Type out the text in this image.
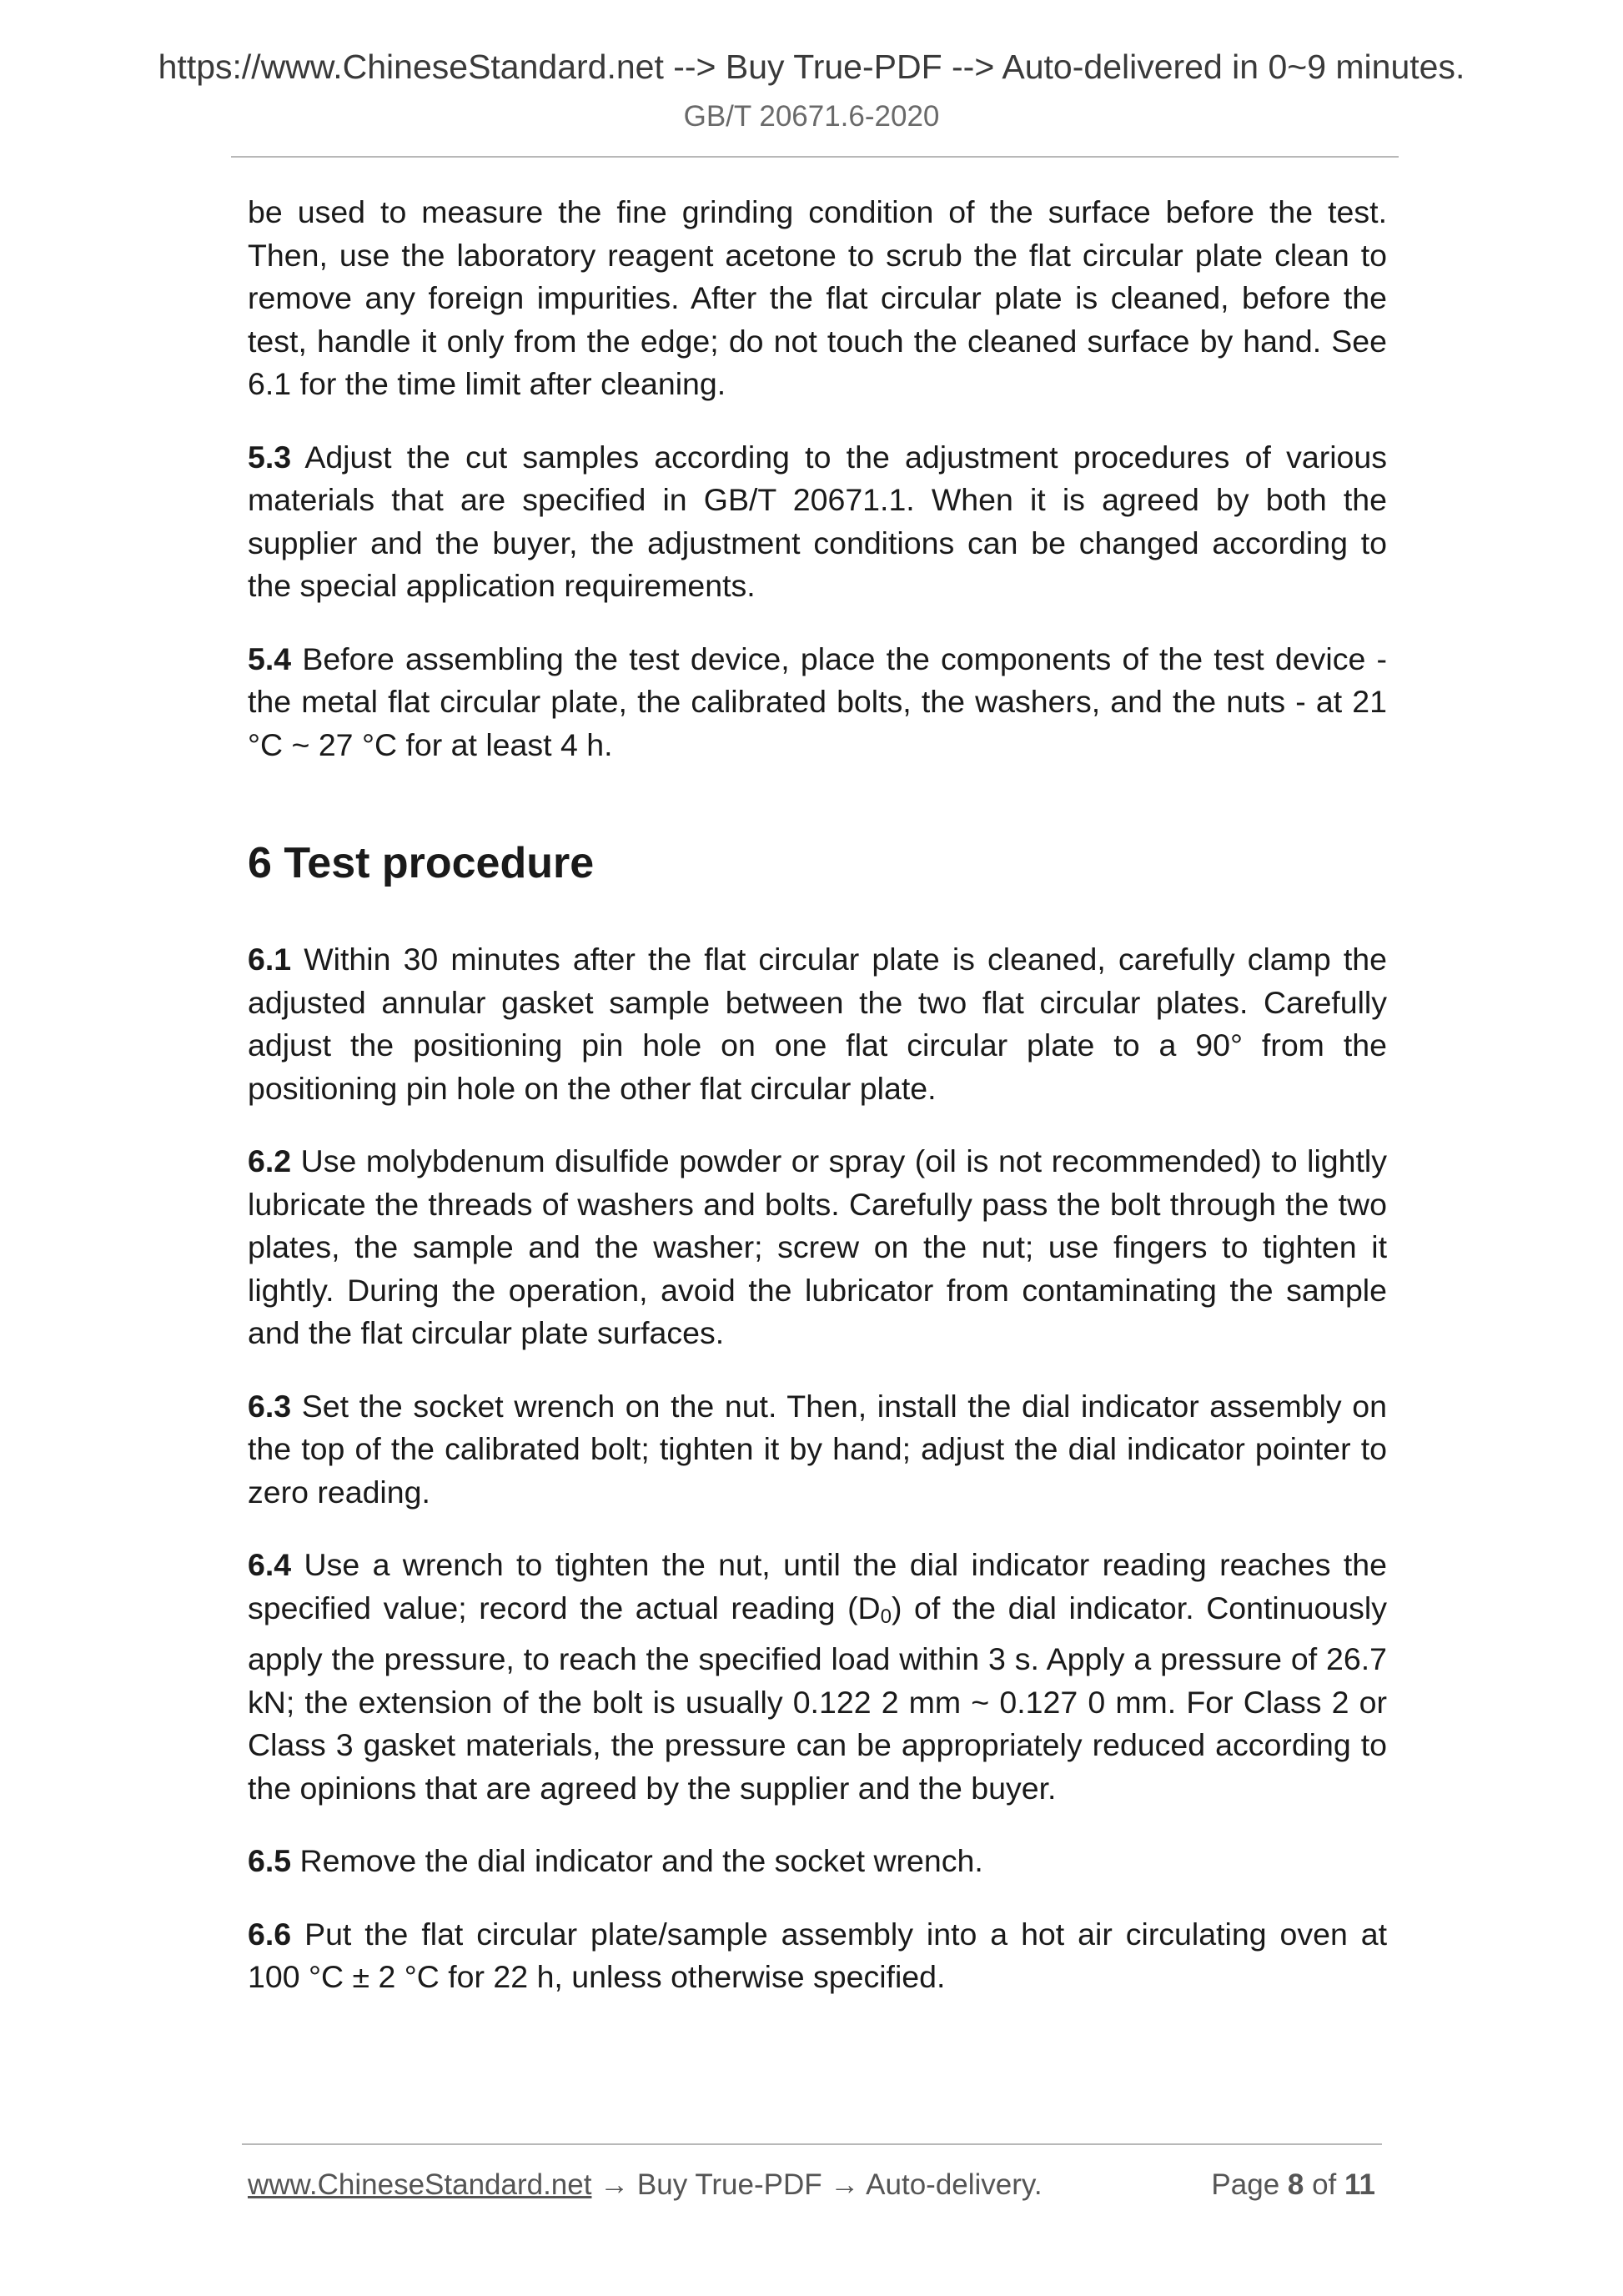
https://www.ChineseStandard.net --> Buy True-PDF --> Auto-delivered in 0~9 minutes.
GB/T 20671.6-2020

be used to measure the fine grinding condition of the surface before the test. Then, use the laboratory reagent acetone to scrub the flat circular plate clean to remove any foreign impurities. After the flat circular plate is cleaned, before the test, handle it only from the edge; do not touch the cleaned surface by hand. See 6.1 for the time limit after cleaning.

5.3 Adjust the cut samples according to the adjustment procedures of various materials that are specified in GB/T 20671.1. When it is agreed by both the supplier and the buyer, the adjustment conditions can be changed according to the special application requirements.

5.4 Before assembling the test device, place the components of the test device - the metal flat circular plate, the calibrated bolts, the washers, and the nuts - at 21 °C ~ 27 °C for at least 4 h.

6 Test procedure

6.1 Within 30 minutes after the flat circular plate is cleaned, carefully clamp the adjusted annular gasket sample between the two flat circular plates. Carefully adjust the positioning pin hole on one flat circular plate to a 90° from the positioning pin hole on the other flat circular plate.

6.2 Use molybdenum disulfide powder or spray (oil is not recommended) to lightly lubricate the threads of washers and bolts. Carefully pass the bolt through the two plates, the sample and the washer; screw on the nut; use fingers to tighten it lightly. During the operation, avoid the lubricator from contaminating the sample and the flat circular plate surfaces.

6.3 Set the socket wrench on the nut. Then, install the dial indicator assembly on the top of the calibrated bolt; tighten it by hand; adjust the dial indicator pointer to zero reading.

6.4 Use a wrench to tighten the nut, until the dial indicator reading reaches the specified value; record the actual reading $(D_0)$ of the dial indicator. Continuously apply the pressure, to reach the specified load within 3 s. Apply a pressure of 26.7 kN; the extension of the bolt is usually 0.122 2 mm ~ 0.127 0 mm. For Class 2 or Class 3 gasket materials, the pressure can be appropriately reduced according to the opinions that are agreed by the supplier and the buyer.

6.5 Remove the dial indicator and the socket wrench.

6.6 Put the flat circular plate/sample assembly into a hot air circulating oven at 100 °C ± 2 °C for 22 h, unless otherwise specified.

www.ChineseStandard.net → Buy True-PDF → Auto-delivery.	Page 8 of 11
